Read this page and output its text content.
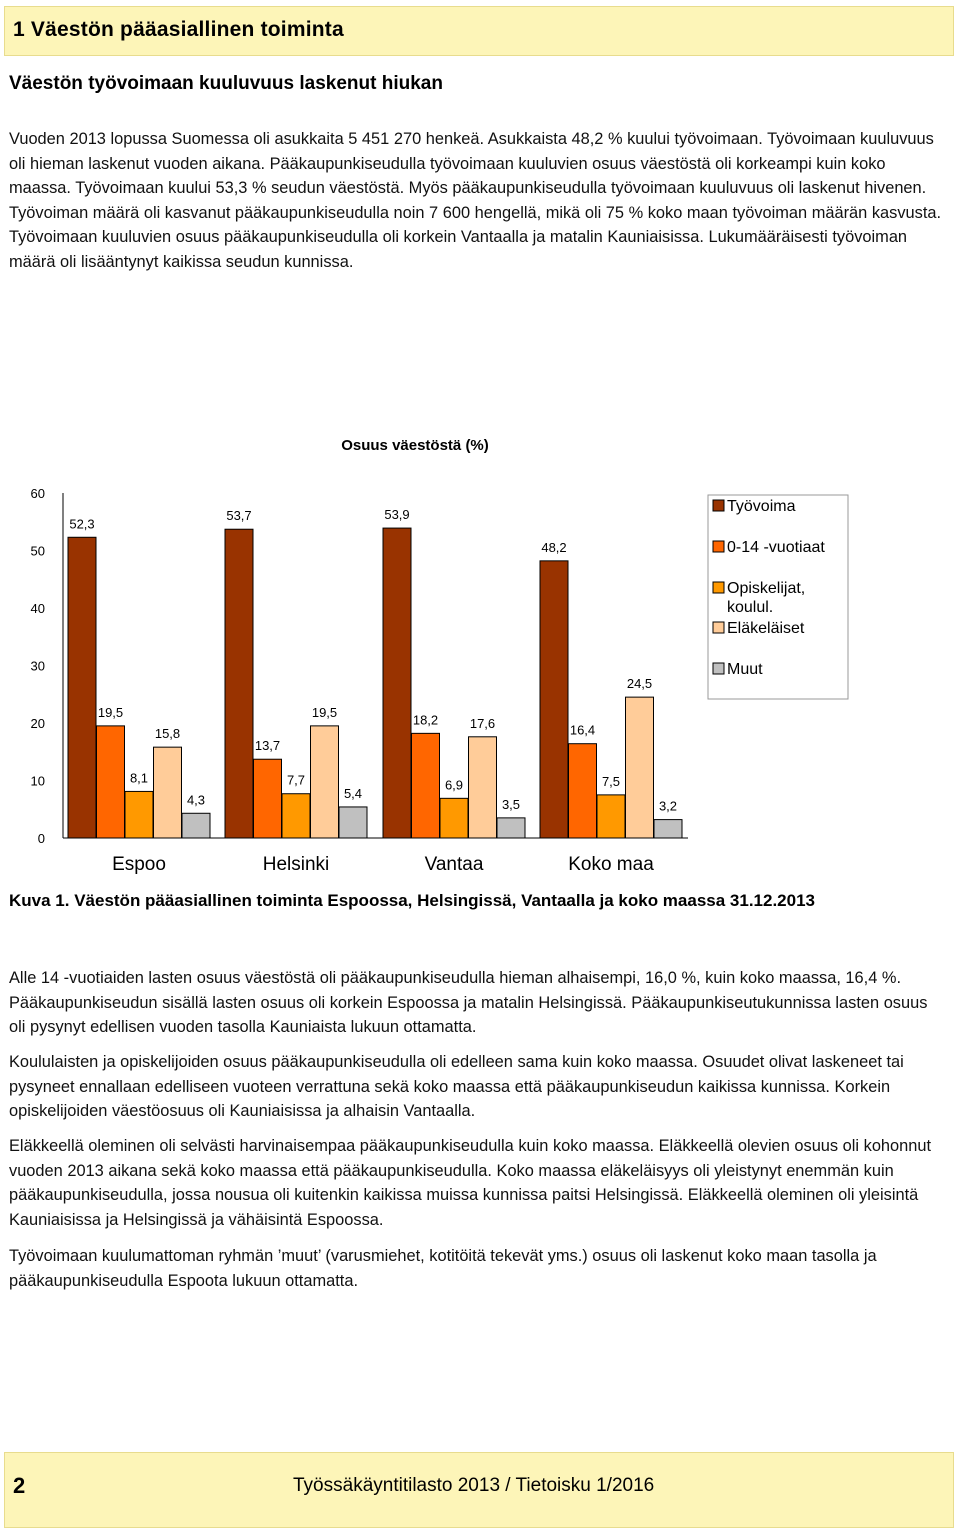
1 Väestön pääasiallinen toiminta
Väestön työvoimaan kuuluvuus laskenut hiukan

Vuoden 2013 lopussa Suomessa oli asukkaita 5 451 270 henkeä. Asukkaista 48,2 % kuului työvoimaan. Työvoimaan kuuluvuus oli hieman laskenut vuoden aikana. Pääkaupunkiseudulla työvoimaan kuuluvien osuus väestöstä oli korkeampi kuin koko maassa. Työvoimaan kuului 53,3 % seudun väestöstä. Myös pääkaupunkiseudulla työvoimaan kuuluvuus oli laskenut hivenen. Työvoiman määrä oli kasvanut pääkaupunkiseudulla noin 7 600 hengellä, mikä oli 75 % koko maan työvoiman määrän kasvusta. Työvoimaan kuuluvien osuus pääkaupunkiseudulla oli korkein Vantaalla ja matalin Kauniaisissa. Lukumääräisesti työvoiman määrä oli lisääntynyt kaikissa seudun kunnissa.

Osuus väestöstä (%)
0
10
20
30
40
50
60
52,3
19,5
8,1
15,8
4,3
Espoo
53,7
13,7
7,7
19,5
5,4
Helsinki
53,9
18,2
6,9
17,6
3,5
Vantaa
48,2
16,4
7,5
24,5
3,2
Koko maa
Työvoima
0-14 -vuotiaat
Opiskelijat, koulul.
Eläkeläiset
Muut

Kuva 1. Väestön pääasiallinen toiminta Espoossa, Helsingissä, Vantaalla ja koko maassa 31.12.2013

Alle 14 -vuotiaiden lasten osuus väestöstä oli pääkaupunkiseudulla hieman alhaisempi, 16,0 %, kuin koko maassa, 16,4 %. Pääkaupunkiseudun sisällä lasten osuus oli korkein Espoossa ja matalin Helsingissä. Pääkaupunkiseutukunnissa lasten osuus oli pysynyt edellisen vuoden tasolla Kauniaista lukuun ottamatta.

Koululaisten ja opiskelijoiden osuus pääkaupunkiseudulla oli edelleen sama kuin koko maassa. Osuudet olivat laskeneet tai pysyneet ennallaan edelliseen vuoteen verrattuna sekä koko maassa että pääkaupunkiseudun kaikissa kunnissa. Korkein opiskelijoiden väestöosuus oli Kauniaisissa ja alhaisin Vantaalla.

Eläkkeellä oleminen oli selvästi harvinaisempaa pääkaupunkiseudulla kuin koko maassa. Eläkkeellä olevien osuus oli kohonnut vuoden 2013 aikana sekä koko maassa että pääkaupunkiseudulla. Koko maassa eläkeläisyys oli yleistynyt enemmän kuin pääkaupunkiseudulla, jossa nousua oli kuitenkin kaikissa muissa kunnissa paitsi Helsingissä. Eläkkeellä oleminen oli yleisintä Kauniaisissa ja Helsingissä ja vähäisintä Espoossa.

Työvoimaan kuulumattoman ryhmän ’muut’ (varusmiehet, kotitöitä tekevät yms.) osuus oli laskenut koko maan tasolla ja pääkaupunkiseudulla Espoota lukuun ottamatta.

2	Työssäkäyntitilasto 2013 / Tietoisku 1/2016
